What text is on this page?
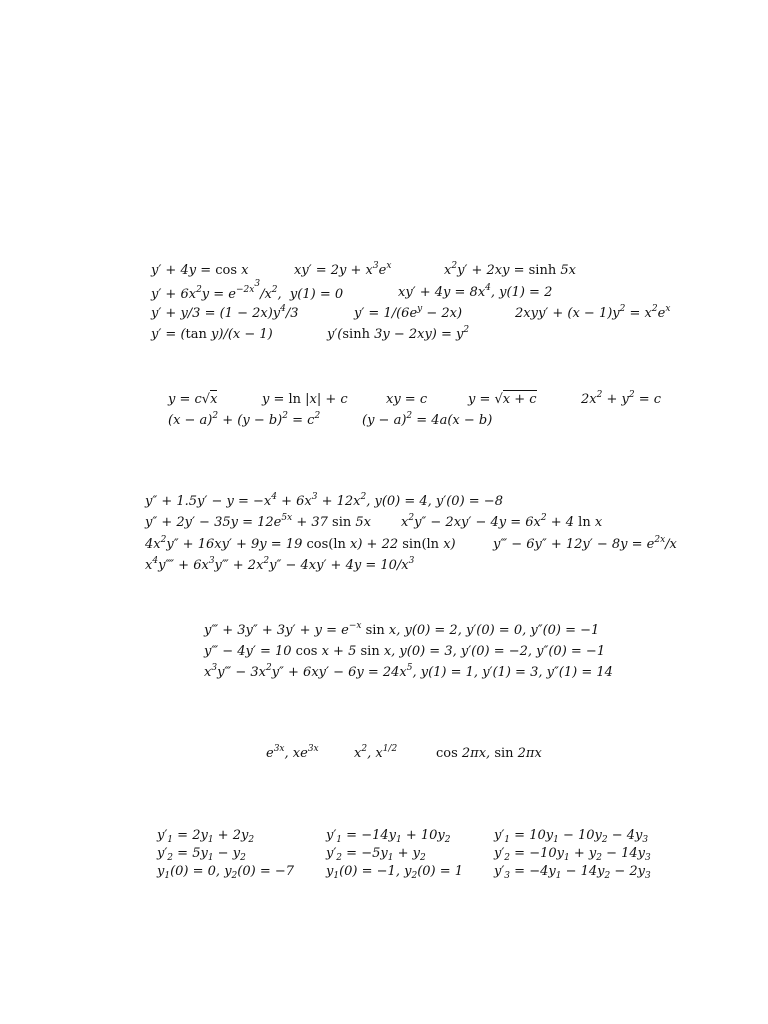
y′ + 4y = cos x	$xy' = 2y + x^3e^x$	$x^2y' + 2xy = \sinh 5x$
$y' + 6x^2y = e^{-2x^3}/x^2$,  y(1) = 0	$xy' + 4y = 8x^4$, y(1) = 2
$y' + y/3 = (1 - 2x)y^4/3$	$y' = 1/(6e^y - 2x)$	$2xyy' + (x - 1)y^2 = x^2e^x$
y′ = (tan y)/(x − 1)	y′(sinh $3y - 2xy) = y^2$
y = c√x	y = ln |x| + c	xy = c	y = √x + c	$2x^2 + y^2 = c$
$(x - a)^2 + (y - b)^2 = c^2$	$(y - a)^2 = 4a(x - b)$
$y'' + 1.5y' - y = -x^4 + 6x^3 + 12x^2$, y(0) = 4, y′(0) = −8
$y'' + 2y' - 35y = 12e^{5x} + 37$ sin 5x $x^2y'' - 2xy' - 4y = 6x^2 + 4$ ln x
$4x^2y'' + 16xy' + 9y = 19$ cos(ln x) + 22 sin(ln x)	y‴ − $6y'' + 12y' - 8y = e^{2x}/x$
$x^4y⁗$ + $6x^3y‴ + 2x^2y'' - 4xy' + 4y = 10/x^3$
y‴ + $3y'' + 3y' + y = e^{-x}$ sin x, y(0) = 2, y′(0) = 0, y″(0) = −1
y‴ − 4y′ = 10 cos x + 5 sin x, y(0) = 3, y′(0) = −2, y″(0) = −1
$x^3y‴ - 3x^2y'' + 6xy' - 6y = 24x^5$, y(1) = 1, y′(1) = 3, y″(1) = 14
$e^{3x}$, $xe^{3x}$	$x^2$, $x^{1/2}$	cos 2πx, sin 2πx
$y'_1 = 2y_1 + 2y_2$
$y'_2 = 5y_1 - y_2$
$y_1(0) = 0$, $y_2(0) = -7$
$y'_1 = -14y_1 + 10y_2$
$y'_2 = -5y_1 + y_2$
$y_1(0) = -1$, $y_2(0) = 1$
$y'_1 = 10y_1 - 10y_2 - 4y_3$
$y'_2 = -10y_1 + y_2 - 14y_3$
$y'_3 = -4y_1 - 14y_2 - 2y_3$
